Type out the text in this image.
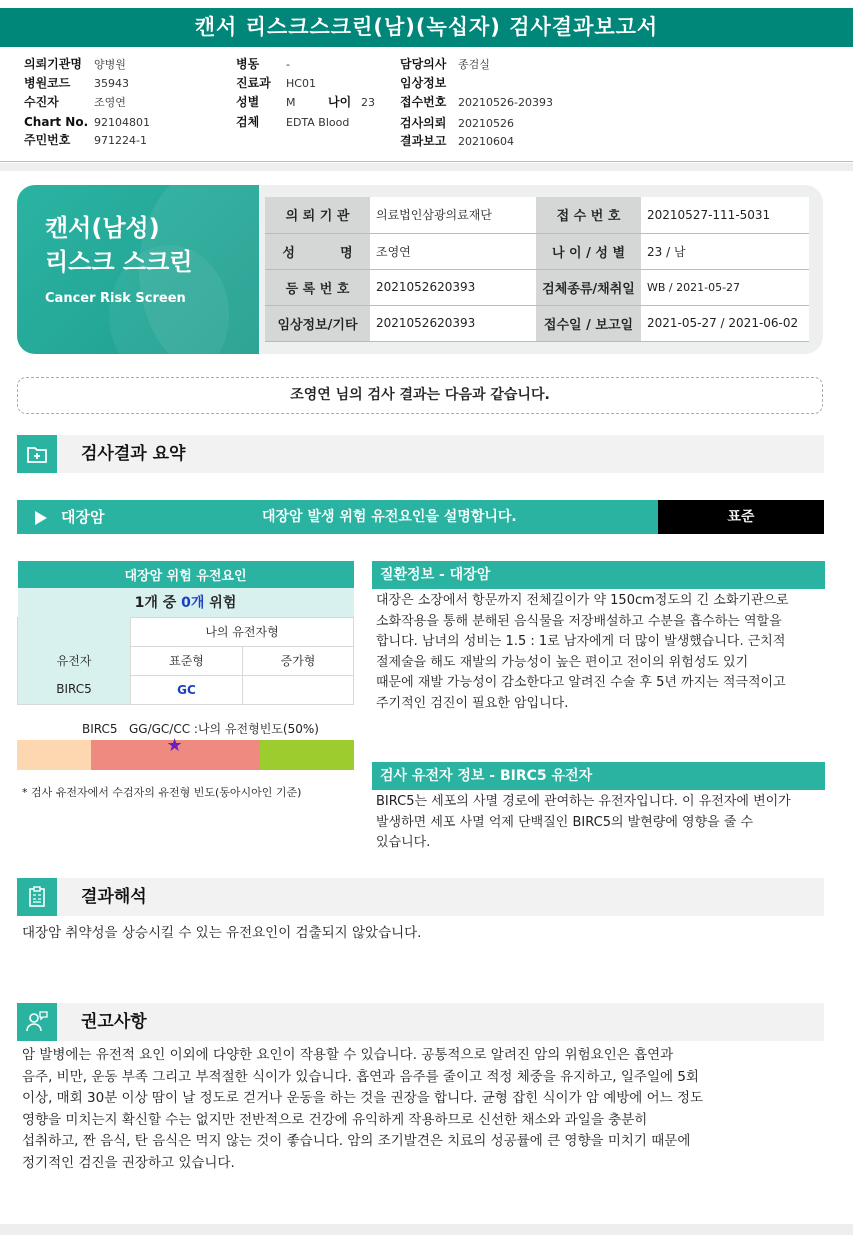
캔서 리스크스크린(남)(녹십자) 검사결과보고서
의뢰기관명 양병원
병원코드 35943
수진자	조영연
Chart No. 92104801
주민번호 971224-1
병동 -
진료과 HC01
성별 M	나이 23
검체 EDTA Blood
담당의사 종검실
임상정보
접수번호 20210526-20393
검사의뢰 20210526
결과보고 20210604
캔서(남성)
리스크 스크린
Cancer Risk Screen
의 뢰 기 관	의료법인삼광의료재단	접 수 번 호	20210527-111-5031
성          명	조영연	나 이 / 성 별	23 / 남
등 록 번 호	2021052620393	검체종류/채취일	WB / 2021-05-27
임상정보/기타	2021052620393	접수일 / 보고일	2021-05-27 / 2021-06-02
조영연 님의 검사 결과는 다음과 같습니다.
검사결과 요약
대장암	대장암 발생 위험 유전요인을 설명합니다.	표준
대장암 위험 유전요인		
1개 중 0개 위험		
	나의 유전자형	
유전자	표준형	증가형
BIRC5	GC	
BIRC5   GG/GC/CC :나의 유전형빈도(50%)
★
* 검사 유전자에서 수검자의 유전형 빈도(동아시아인 기준)
질환정보 - 대장암
대장은 소장에서 항문까지 전체길이가 약 150cm정도의 긴 소화기관으로
소화작용을 통해 분해된 음식물을 저장배설하고 수분을 흡수하는 역할을
합니다. 남녀의 성비는 1.5 : 1로 남자에게 더 많이 발생했습니다. 근치적
절제술을 해도 재발의 가능성이 높은 편이고 전이의 위험성도 있기
때문에 재발 가능성이 감소한다고 알려진 수술 후 5년 까지는 적극적이고
주기적인 검진이 필요한 암입니다.
검사 유전자 정보 - BIRC5 유전자
BIRC5는 세포의 사멸 경로에 관여하는 유전자입니다. 이 유전자에 변이가
발생하면 세포 사멸 억제 단백질인 BIRC5의 발현량에 영향을 줄 수
있습니다.
결과해석
대장암 취약성을 상승시킬 수 있는 유전요인이 검출되지 않았습니다.
권고사항
암 발병에는 유전적 요인 이외에 다양한 요인이 작용할 수 있습니다. 공통적으로 알려진 암의 위험요인은 흡연과
음주, 비만, 운동 부족 그리고 부적절한 식이가 있습니다. 흡연과 음주를 줄이고 적정 체중을 유지하고, 일주일에 5회
이상, 매회 30분 이상 땀이 날 정도로 걷거나 운동을 하는 것을 권장을 합니다. 균형 잡힌 식이가 암 예방에 어느 정도
영향을 미치는지 확신할 수는 없지만 전반적으로 건강에 유익하게 작용하므로 신선한 채소와 과일을 충분히
섭취하고, 짠 음식, 탄 음식은 먹지 않는 것이 좋습니다. 암의 조기발견은 치료의 성공률에 큰 영향을 미치기 때문에
정기적인 검진을 권장하고 있습니다.
